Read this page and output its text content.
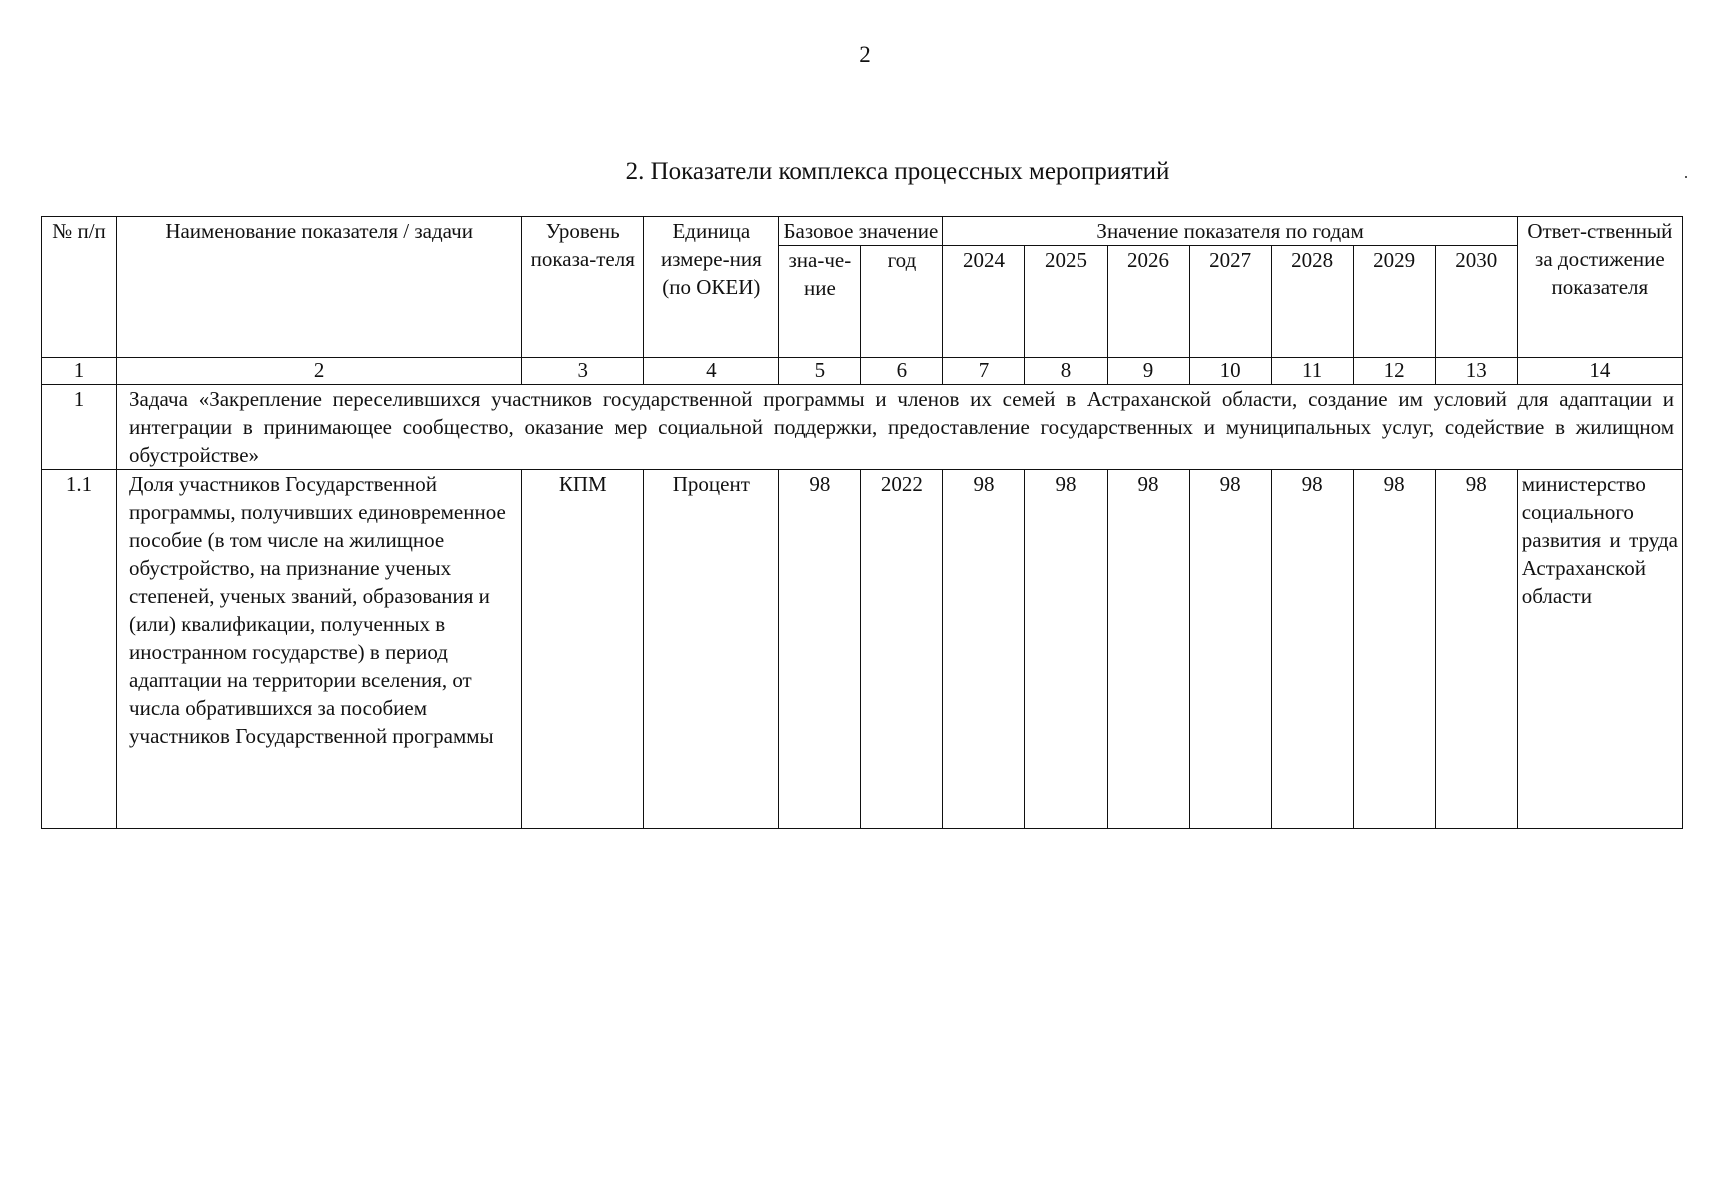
2
2. Показатели комплекса процессных мероприятий
№ п/п	Наименование показателя / задачи	Уровень показа-теля	Единица измере-ния (по ОКЕИ)	Базовое значение		Значение показателя по годам							Ответ-ственный за достижение показателя
				зна-че-ние	год	2024	2025	2026	2027	2028	2029	2030	
1	2	3	4	5	6	7	8	9	10	11	12	13	14
1	Задача «Закрепление переселившихся участников государственной программы и членов их семей в Астраханской области, создание им условий для адаптации и интеграции в принимающее сообщество, оказание мер социальной поддержки, предоставление государственных и муниципальных услуг, содействие в жилищном обустройстве»												
1.1	Доля участников Государственной программы, получивших единовременное пособие (в том числе на жилищное обустройство, на признание ученых степеней, ученых званий, образования и (или) квалификации, полученных в иностранном государстве) в период адаптации на территории вселения, от числа обратившихся за пособием участников Государственной программы	КПМ	Процент	98	2022	98	98	98	98	98	98	98	министерство социального развития и труда Астраханской области
